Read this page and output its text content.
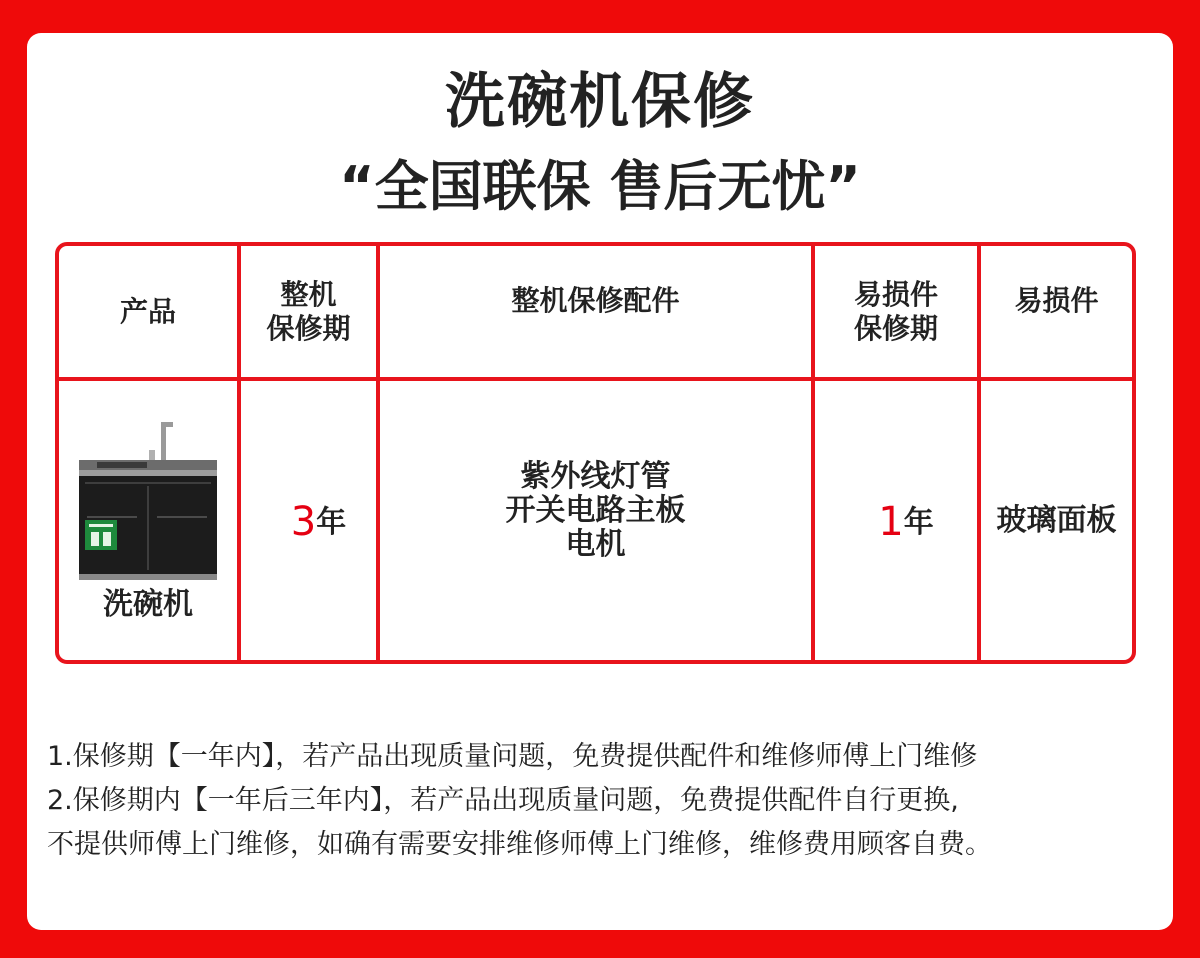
洗碗机保修
“全国联保 售后无忧”
产品
整机
保修期
整机保修配件	易损件
保修期
易损件
洗碗机
3年
紫外线灯管
开关电路主板
电机	1年 玻璃面板
1.保修期【一年内】，若产品出现质量问题，免费提供配件和维修师傅上门维修
2.保修期内【一年后三年内】，若产品出现质量问题，免费提供配件自行更换,
不提供师傅上门维修，如确有需要安排维修师傅上门维修，维修费用顾客自费。
